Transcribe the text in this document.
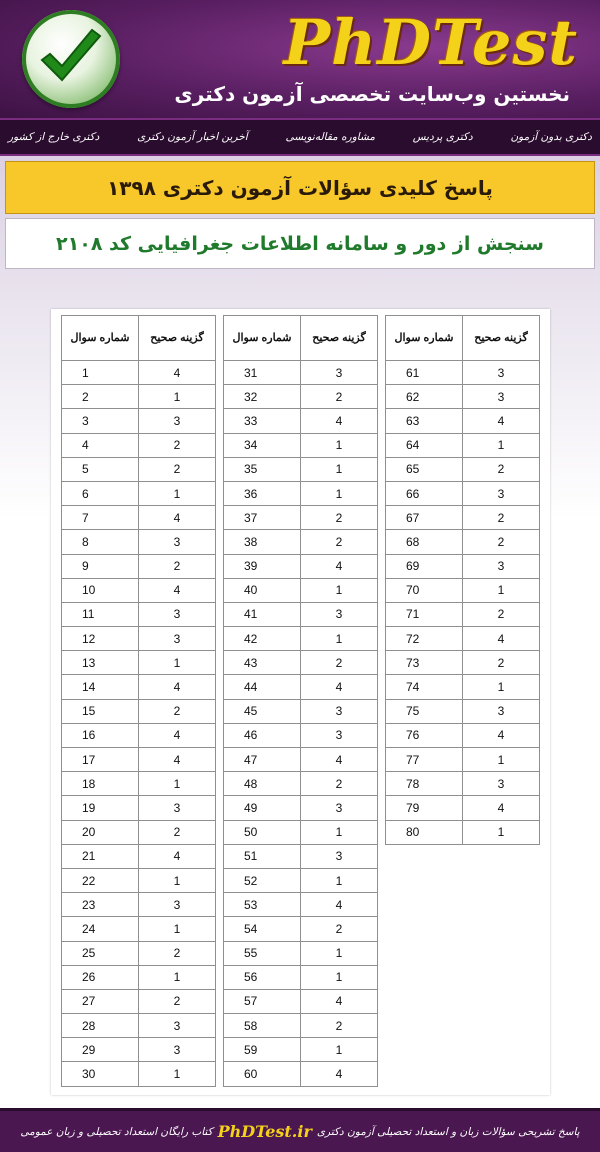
PhDTest
نخستین وب‌سایت تخصصی آزمون دکتری
دکتری بدون آزمون
دکتری پردیس
مشاوره مقاله‌نویسی
آخرین اخبار آزمون دکتری
دکتری خارج از کشور
پاسخ کلیدی سؤالات آزمون دکتری ۱۳۹۸
سنجش از دور و سامانه اطلاعات جغرافیایی کد ۲۱۰۸
شماره سوال	گزینه صحیح
1	4
2	1
3	3
4	2
5	2
6	1
7	4
8	3
9	2
10	4
11	3
12	3
13	1
14	4
15	2
16	4
17	4
18	1
19	3
20	2
21	4
22	1
23	3
24	1
25	2
26	1
27	2
28	3
29	3
30	1
شماره سوال	گزینه صحیح
31	3
32	2
33	4
34	1
35	1
36	1
37	2
38	2
39	4
40	1
41	3
42	1
43	2
44	4
45	3
46	3
47	4
48	2
49	3
50	1
51	3
52	1
53	4
54	2
55	1
56	1
57	4
58	2
59	1
60	4
شماره سوال	گزینه صحیح
61	3
62	3
63	4
64	1
65	2
66	3
67	2
68	2
69	3
70	1
71	2
72	4
73	2
74	1
75	3
76	4
77	1
78	3
79	4
80	1
پاسخ تشریحی سؤالات زبان و استعداد تحصیلی آزمون دکتری
PhDTest.ir
کتاب رایگان استعداد تحصیلی و زبان عمومی
